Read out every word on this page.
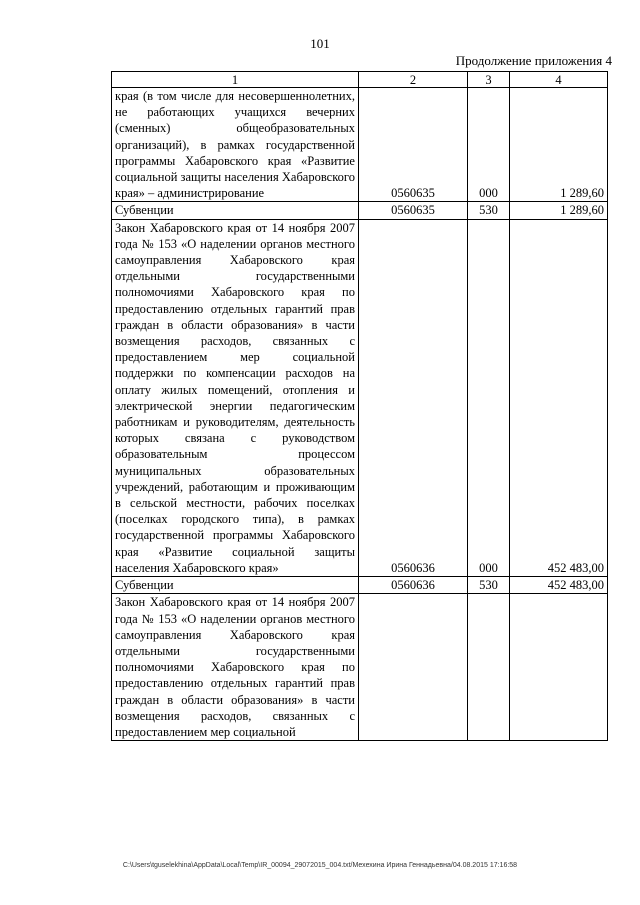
101
Продолжение приложения 4
1	2	3	4
края (в том числе для несовершеннолетних, не работающих учащихся вечерних (сменных) общеобразовательных организаций), в рамках государственной программы Хабаровского края «Развитие социальной защиты населения Хабаровского края» – администрирование	0560635	000	1 289,60
Субвенции	0560635	530	1 289,60
Закон Хабаровского края от 14 ноября 2007 года № 153 «О наделении органов местного самоуправления Хабаровского края отдельными государственными полномочиями Хабаровского края по предоставлению отдельных гарантий прав граждан в области образования» в части возмещения расходов, связанных с предоставлением мер социальной поддержки по компенсации расходов на оплату жилых помещений, отопления и электрической энергии педагогическим работникам и руководителям, деятельность которых связана с руководством образовательным процессом муниципальных образовательных учреждений, работающим и проживающим в сельской местности, рабочих поселках (поселках городского типа), в рамках государственной программы Хабаровского края «Развитие социальной защиты населения Хабаровского края»	0560636	000	452 483,00
Субвенции	0560636	530	452 483,00
Закон Хабаровского края от 14 ноября 2007 года № 153 «О наделении органов местного самоуправления Хабаровского края отдельными государственными полномочиями Хабаровского края по предоставлению отдельных гарантий прав граждан в области образования» в части возмещения расходов, связанных с предоставлением мер социальной			
C:\Users\tguselekhina\AppData\Local\Temp\IR_00094_29072015_004.txt/Мехехина Ирина Геннадьевна/04.08.2015 17:16:58
